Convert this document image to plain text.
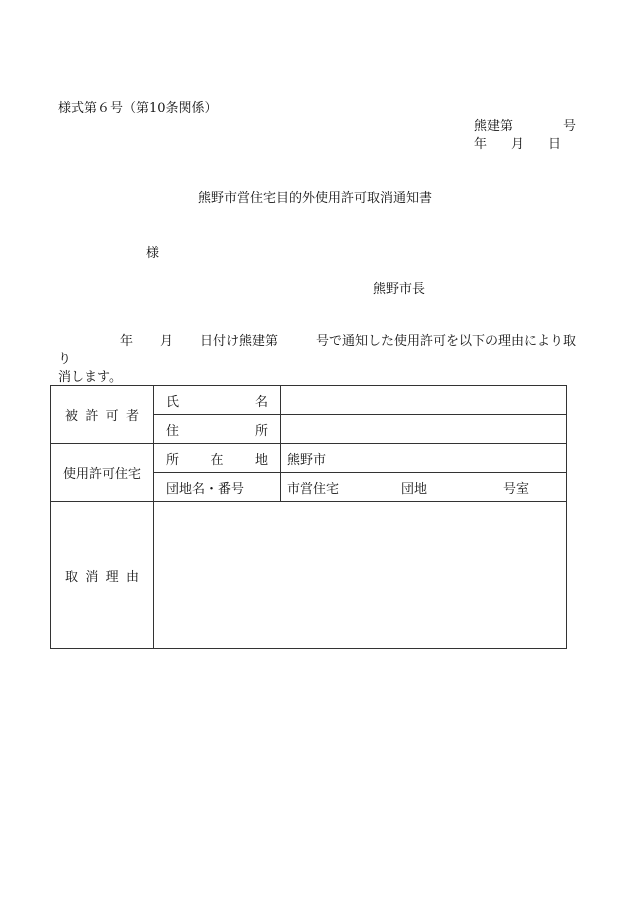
様式第６号（第10条関係）
熊建第	号
年 月 日
熊野市営住宅目的外使用許可取消通知書
様
熊野市長
年 月 日付け熊建第	号で通知した使用許可を以下の理由により取り
消します。
被 許 可 者	氏 名	

	住 所	

使用許可住宅	所 在 地	熊野市
	団地名・番号	市営住宅 団地 号室

取 消 理 由		
